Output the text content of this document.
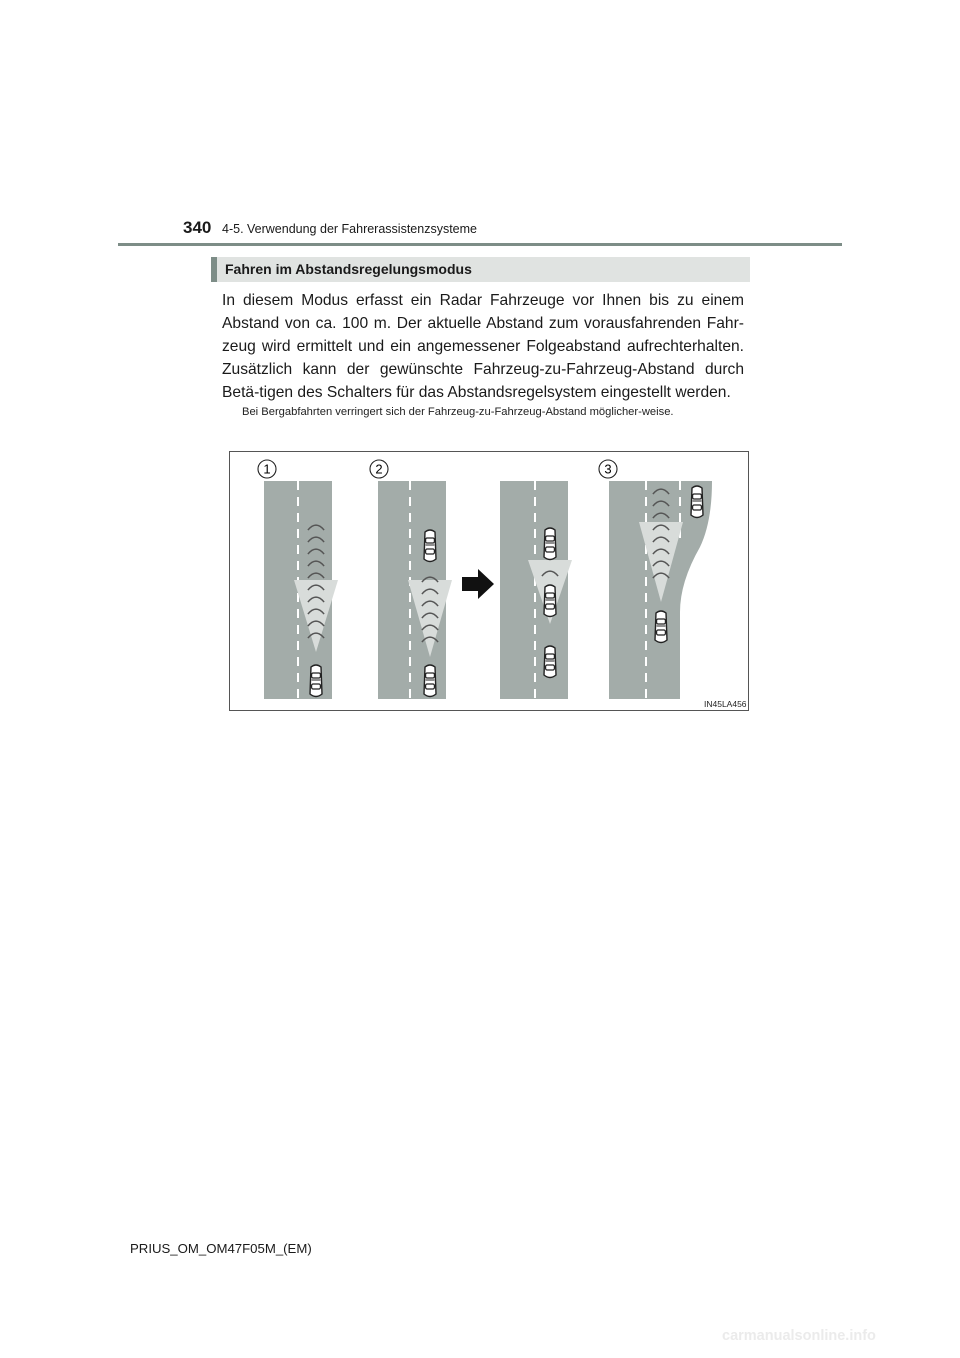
340 4-5. Verwendung der Fahrerassistenzsysteme
Fahren im Abstandsregelungsmodus
In diesem Modus erfasst ein Radar Fahrzeuge vor Ihnen bis zu einem Abstand von ca. 100 m. Der aktuelle Abstand zum vorausfahrenden Fahr-zeug wird ermittelt und ein angemessener Folgeabstand aufrechterhalten. Zusätzlich kann der gewünschte Fahrzeug-zu-Fahrzeug-Abstand durch Betä-tigen des Schalters für das Abstandsregelsystem eingestellt werden.
Bei Bergabfahrten verringert sich der Fahrzeug-zu-Fahrzeug-Abstand möglicher-weise.
1	2	3
IN45LA456
PRIUS_OM_OM47F05M_(EM)
carmanualsonline.info
